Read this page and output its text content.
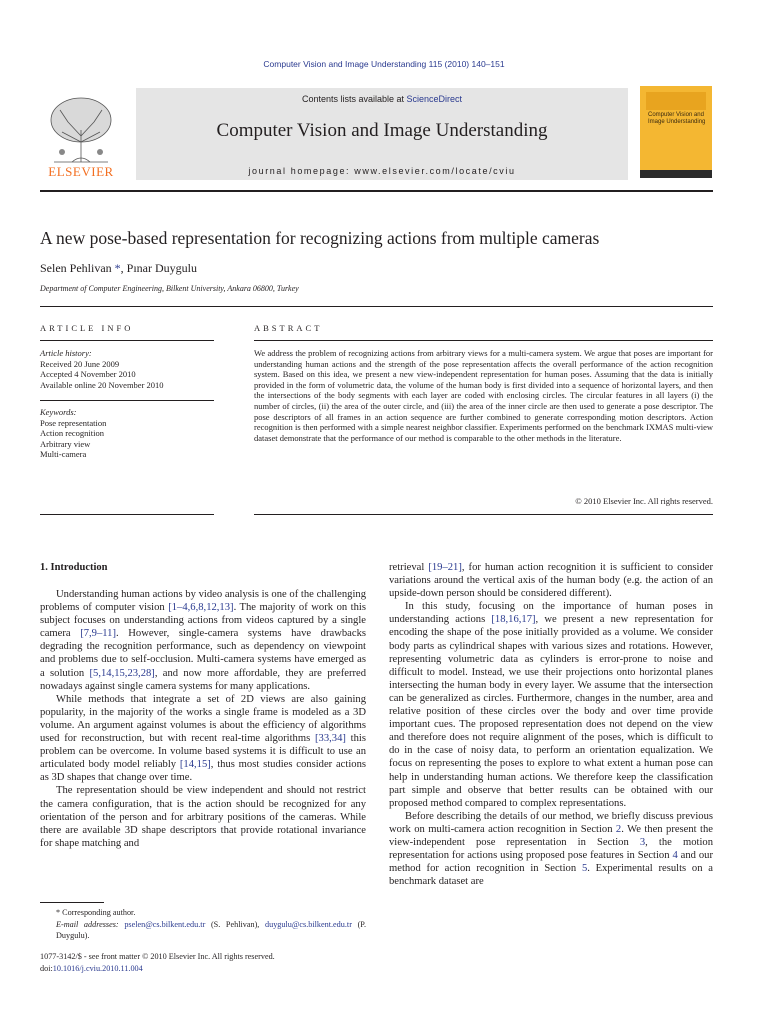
Computer Vision and Image Understanding 115 (2010) 140–151
ELSEVIER
Contents lists available at ScienceDirect
Computer Vision and Image Understanding
journal homepage: www.elsevier.com/locate/cviu
Computer Vision and Image Understanding
A new pose-based representation for recognizing actions from multiple cameras
Selen Pehlivan *, Pınar Duygulu
Department of Computer Engineering, Bilkent University, Ankara 06800, Turkey
ARTICLE INFO
Article history:
Received 20 June 2009
Accepted 4 November 2010
Available online 20 November 2010
Keywords:
Pose representation
Action recognition
Arbitrary view
Multi-camera
ABSTRACT
We address the problem of recognizing actions from arbitrary views for a multi-camera system. We argue that poses are important for understanding human actions and the strength of the pose representation affects the overall performance of the action recognition system. Based on this idea, we present a new view-independent representation for human poses. Assuming that the data is initially provided in the form of volumetric data, the volume of the human body is first divided into a sequence of horizontal layers, and then the intersections of the body segments with each layer are coded with enclosing circles. The circular features in all layers (i) the number of circles, (ii) the area of the outer circle, and (iii) the area of the inner circle are then used to generate a pose descriptor. The pose descriptors of all frames in an action sequence are further combined to generate corresponding motion descriptors. Action recognition is then performed with a simple nearest neighbor classifier. Experiments performed on the benchmark IXMAS multi-view dataset demonstrate that the performance of our method is comparable to the other methods in the literature.
© 2010 Elsevier Inc. All rights reserved.
1. Introduction

Understanding human actions by video analysis is one of the challenging problems of computer vision [1–4,6,8,12,13]. The majority of work on this subject focuses on understanding actions from videos captured by a single camera [7,9–11]. However, single-camera systems have drawbacks degrading the recognition performance, such as dependency on viewpoint and problems due to self-occlusion. Multi-camera systems have emerged as a solution [5,14,15,23,28], and now more affordable, they are preferred nowadays against single camera systems for many applications.

While methods that integrate a set of 2D views are also gaining popularity, in the majority of the works a single frame is modeled as a 3D volume. An argument against volumes is about the efficiency of algorithms used for reconstruction, but with recent real-time algorithms [33,34] this problem can be overcome. In volume based systems it is difficult to use an articulated body model reliably [14,15], thus most studies consider actions as 3D shapes that change over time.

The representation should be view independent and should not restrict the camera configuration, that is the action should be recognized for any orientation of the person and for arbitrary positions of the cameras. While there are available 3D shape descriptors that provide rotational invariance for shape matching and

retrieval [19–21], for human action recognition it is sufficient to consider variations around the vertical axis of the human body (e.g. the action of an upside-down person should be considered different).

In this study, focusing on the importance of human poses in understanding actions [18,16,17], we present a new representation for encoding the shape of the pose initially provided as a volume. We consider body parts as cylindrical shapes with various sizes and rotations. However, representing volumetric data as cylinders is error-prone to noise and difficult to model. Instead, we use their projections onto horizontal planes intersecting the human body in every layer. We assume that the intersection can be generalized as circles. Furthermore, changes in the number, area and relative position of these circles over the body and over time provide important cues. The proposed representation does not depend on the view and therefore does not require alignment of the poses, which is difficult to do in the case of noisy data, to perform an orientation equalization. We focus on representing the poses to explore to what extent a human pose can help in understanding human actions. We therefore keep the classification part simple and observe that better results can be obtained with our proposed method compared to complex representations.

Before describing the details of our method, we briefly discuss previous work on multi-camera action recognition in Section 2. We then present the view-independent pose representation in Section 3, the motion representation for actions using proposed pose features in Section 4 and our method for action recognition in Section 5. Experimental results on a benchmark dataset are

* Corresponding author.
E-mail addresses: pselen@cs.bilkent.edu.tr (S. Pehlivan), duygulu@cs.bilkent.edu.tr (P. Duygulu).
1077-3142/$ - see front matter © 2010 Elsevier Inc. All rights reserved.
doi:10.1016/j.cviu.2010.11.004
